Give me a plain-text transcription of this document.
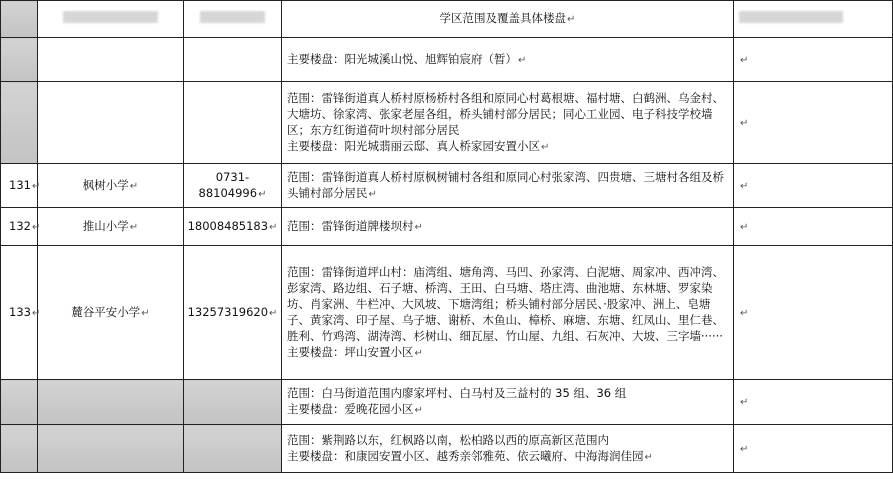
			学区范围及覆盖具体楼盘↵	

			主要楼盘：阳光城溪山悦、旭辉铂宸府（暂）↵	↵

			范围：雷锋街道真人桥村原杨桥村各组和原同心村葛根塘、福村塘、白鹤洲、乌金村、大塘坊、徐家湾、张家老屋各组，桥头铺村部分居民；同心工业园、电子科技学校墙区；东方红街道荷叶坝村部分居民
主要楼盘：阳光城翡丽云邸、真人桥家园安置小区↵	↵
131↵	枫树小学↵	0731-88104996↵	范围：雷锋街道真人桥村原枫树铺村各组和原同心村张家湾、四贵塘、三塘村各组及桥头铺村部分居民↵	↵
132↵	推山小学↵	18008485183↵	范围：雷锋街道牌楼坝村↵	↵
133↵	麓谷平安小学↵	13257319620↵	范围：雷锋街道坪山村：庙湾组、塘角湾、马凹、孙家湾、白泥塘、周家冲、西冲湾、彭家湾、路边组、石子塘、桥湾、王田、白马塘、塔庄湾、曲池塘、东林塘、罗家染坊、肖家洲、牛栏冲、大风坡、下塘湾组；桥头铺村部分居民、·股家冲、洲上、皂塘子、黄家湾、印子屋、乌子塘、谢桥、木鱼山、樟桥、麻塘、东塘、红凤山、里仁巷、胜利、竹鸡湾、湖涛湾、杉树山、细瓦屋、竹山屋、九组、石灰冲、大坡、三字墙······
主要楼盘：坪山安置小区↵	↵

			范围：白马街道范围内廖家坪村、白马村及三益村的 35 组、36 组
主要楼盘：爱晚花园小区↵	↵

			范围：紫荆路以东，红枫路以南，松柏路以西的原高新区范围内
主要楼盘：和康园安置小区、越秀亲邻雅苑、依云曦府、中海海润佳园↵	↵
